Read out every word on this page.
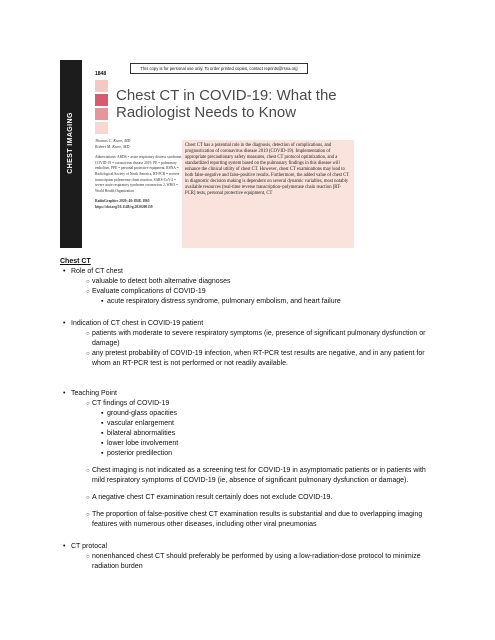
CHEST IMAGING
1848
This copy is for personal use only. To order printed copies, contact reprints@rsna.org
Chest CT in COVID-19: What the Radiologist Needs to Know
Thomas C. Kwee, MD
Robert M. Kwee, MD
Abbreviations: ARDS = acute respiratory distress syndrome, COVID-19 = coronavirus disease 2019, PE = pulmonary embolism, PPE = personal protective equipment, RSNA = Radiological Society of North America, RT-PCR = reverse transcription polymerase chain reaction, SARS-CoV-2 = severe acute respiratory syndrome coronavirus 2, WHO = World Health Organization
RadioGraphics 2020; 40:1848–1865
https://doi.org/10.1148/rg.2020200159
Chest CT has a potential role in the diagnosis, detection of complications, and prognostication of coronavirus disease 2019 (COVID-19). Implementation of appropriate precautionary safety measures, chest CT protocol optimization, and a standardized reporting system based on the pulmonary findings in this disease will enhance the clinical utility of chest CT. However, chest CT examinations may lead to both false-negative and false-positive results. Furthermore, the added value of chest CT in diagnostic decision making is dependent on several dynamic variables, most notably available resources (real-time reverse transcription–polymerase chain reaction [RT-PCR] tests, personal protective equipment, CT
Chest CT
• Role of CT chest
○ valuable to detect both alternative diagnoses
○ Evaluate complications of COVID-19
▪ acute respiratory distress syndrome, pulmonary embolism, and heart failure
• Indication of CT chest in COVID-19 patient
○ patients with moderate to severe respiratory symptoms (ie, presence of significant pulmonary dysfunction or damage)
○ any pretest probability of COVID-19 infection, when RT-PCR test results are negative, and in any patient for whom an RT-PCR test is not performed or not readily available.
• Teaching Point
○ CT findings of COVID-19
▪ ground-glass opacities
▪ vascular enlargement
▪ bilateral abnormalities
▪ lower lobe involvement
▪ posterior predilection
○ Chest imaging is not indicated as a screening test for COVID-19 in asymptomatic patients or in patients with mild respiratory symptoms of COVID-19 (ie, absence of significant pulmonary dysfunction or damage).
○ A negative chest CT examination result certainly does not exclude COVID-19.
○ The proportion of false-positive chest CT examination results is substantial and due to overlapping imaging features with numerous other diseases, including other viral pneumonias
• CT protocal
○ nonenhanced chest CT should preferably be performed by using a low-radiation-dose protocol to minimize radiation burden
